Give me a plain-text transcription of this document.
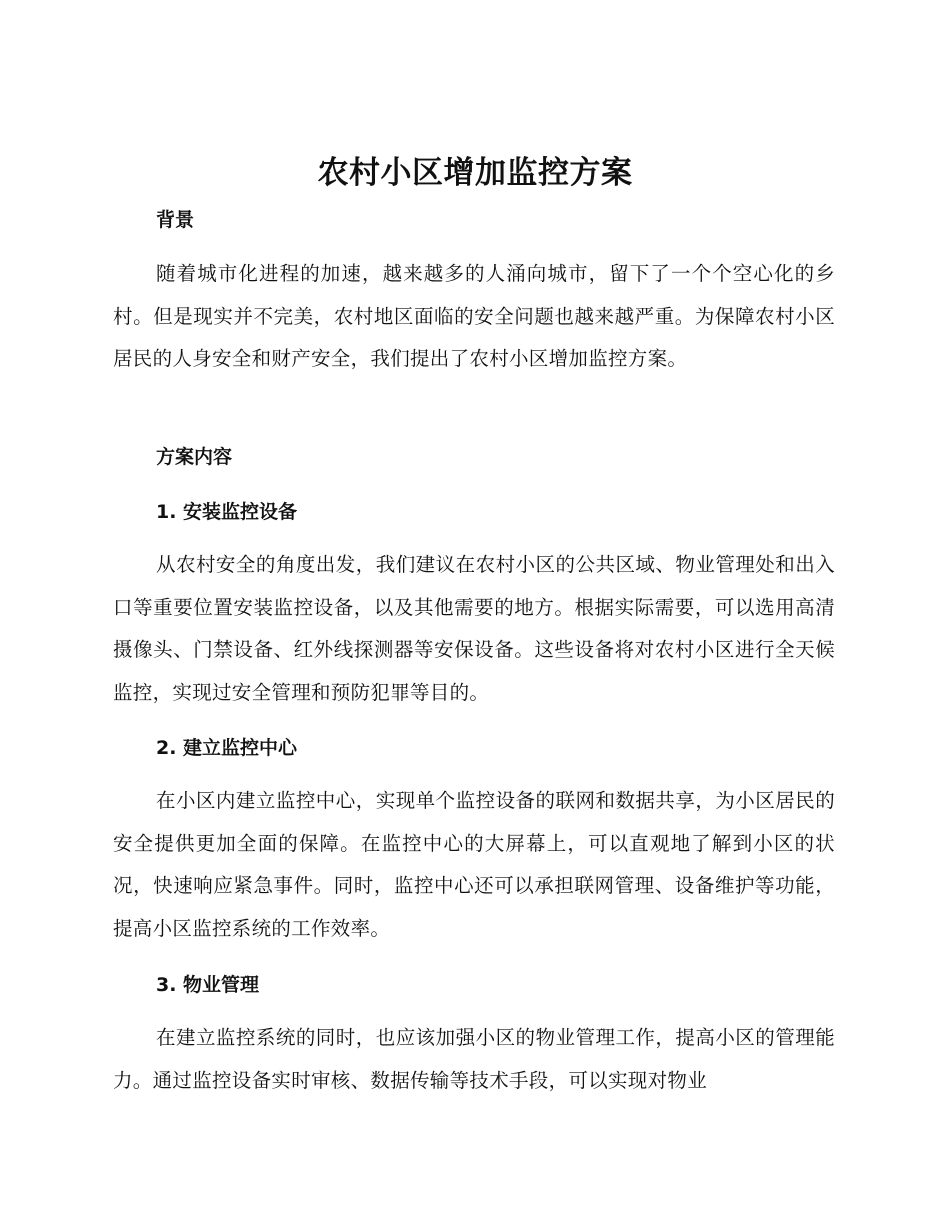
农村小区增加监控方案
背景

随着城市化进程的加速，越来越多的人涌向城市，留下了一个个空心化的乡村。但是现实并不完美，农村地区面临的安全问题也越来越严重。为保障农村小区居民的人身安全和财产安全，我们提出了农村小区增加监控方案。

方案内容
1. 安装监控设备

从农村安全的角度出发，我们建议在农村小区的公共区域、物业管理处和出入口等重要位置安装监控设备，以及其他需要的地方。根据实际需要，可以选用高清摄像头、门禁设备、红外线探测器等安保设备。这些设备将对农村小区进行全天候监控，实现过安全管理和预防犯罪等目的。

2. 建立监控中心

在小区内建立监控中心，实现单个监控设备的联网和数据共享，为小区居民的安全提供更加全面的保障。在监控中心的大屏幕上，可以直观地了解到小区的状况，快速响应紧急事件。同时，监控中心还可以承担联网管理、设备维护等功能，提高小区监控系统的工作效率。

3. 物业管理

在建立监控系统的同时，也应该加强小区的物业管理工作，提高小区的管理能力。通过监控设备实时审核、数据传输等技术手段，可以实现对物业
